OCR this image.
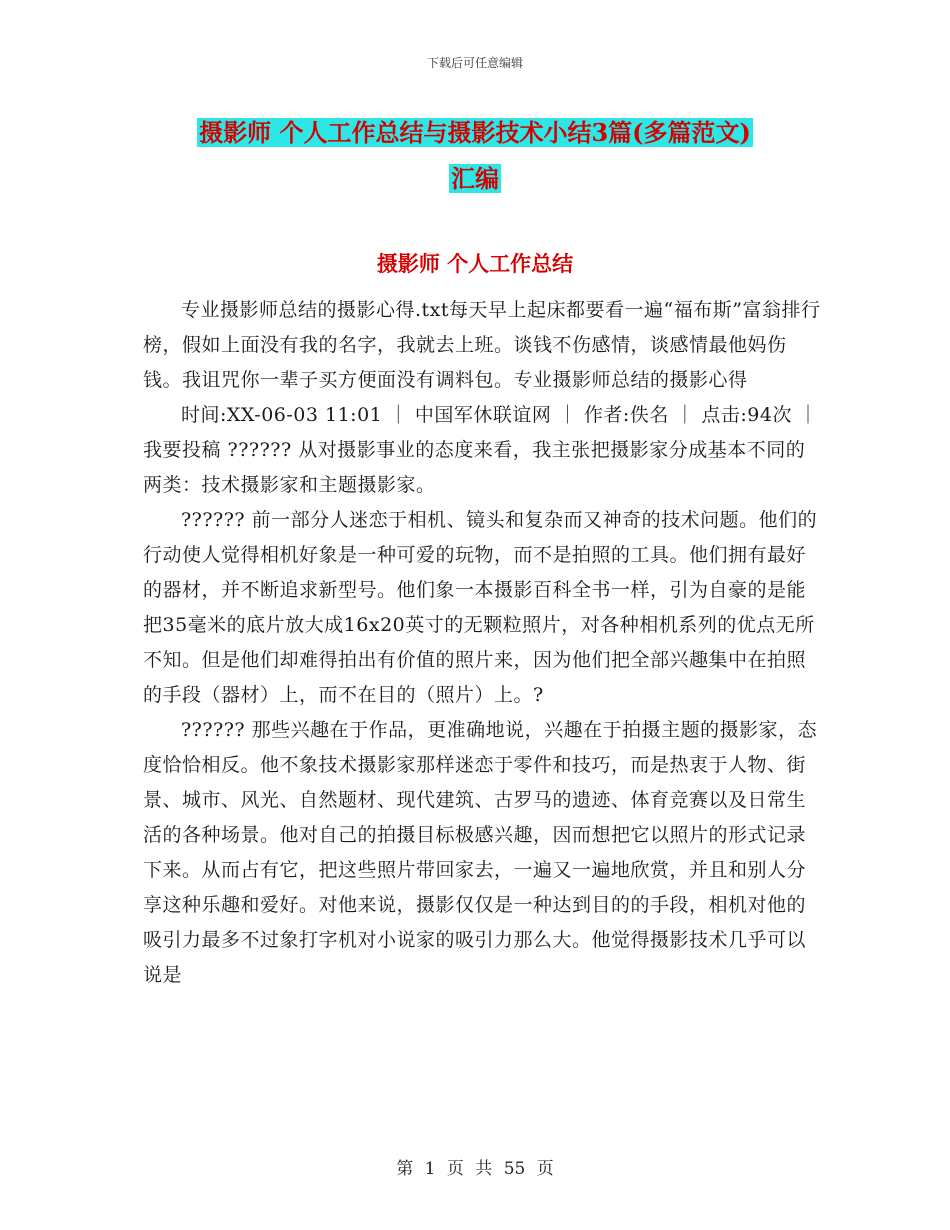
下载后可任意编辑
摄影师 个人工作总结与摄影技术小结3篇(多篇范文)
汇编
摄影师 个人工作总结

专业摄影师总结的摄影心得.txt每天早上起床都要看一遍“福布斯”富翁排行榜，假如上面没有我的名字，我就去上班。谈钱不伤感情，谈感情最他妈伤钱。我诅咒你一辈子买方便面没有调料包。专业摄影师总结的摄影心得

时间:XX-06-03 11:01 ｜ 中国军休联谊网 ｜ 作者:佚名 ｜ 点击:94次 ｜ 我要投稿 ?????? 从对摄影事业的态度来看，我主张把摄影家分成基本不同的两类：技术摄影家和主题摄影家。

?????? 前一部分人迷恋于相机、镜头和复杂而又神奇的技术问题。他们的行动使人觉得相机好象是一种可爱的玩物，而不是拍照的工具。他们拥有最好的器材，并不断追求新型号。他们象一本摄影百科全书一样，引为自豪的是能把35毫米的底片放大成16x20英寸的无颗粒照片，对各种相机系列的优点无所不知。但是他们却难得拍出有价值的照片来，因为他们把全部兴趣集中在拍照的手段（器材）上，而不在目的（照片）上。?

?????? 那些兴趣在于作品，更准确地说，兴趣在于拍摄主题的摄影家，态度恰恰相反。他不象技术摄影家那样迷恋于零件和技巧，而是热衷于人物、街景、城市、风光、自然题材、现代建筑、古罗马的遗迹、体育竞赛以及日常生活的各种场景。他对自己的拍摄目标极感兴趣，因而想把它以照片的形式记录下来。从而占有它，把这些照片带回家去，一遍又一遍地欣赏，并且和别人分享这种乐趣和爱好。对他来说，摄影仅仅是一种达到目的的手段，相机对他的吸引力最多不过象打字机对小说家的吸引力那么大。他觉得摄影技术几乎可以说是

第 1 页 共 55 页
